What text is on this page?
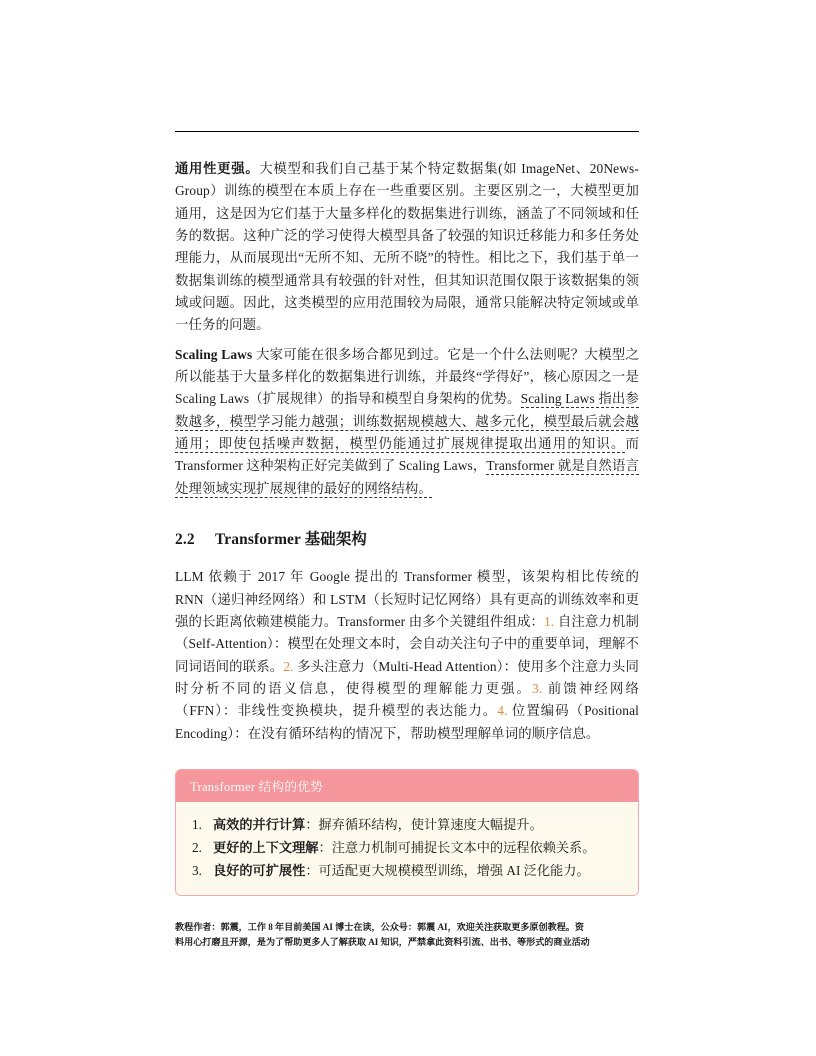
通用性更强。大模型和我们自己基于某个特定数据集(如 ImageNet、20News-Group）训练的模型在本质上存在一些重要区别。主要区别之一，大模型更加通用，这是因为它们基于大量多样化的数据集进行训练，涵盖了不同领域和任务的数据。这种广泛的学习使得大模型具备了较强的知识迁移能力和多任务处理能力，从而展现出“无所不知、无所不晓”的特性。相比之下，我们基于单一数据集训练的模型通常具有较强的针对性，但其知识范围仅限于该数据集的领域或问题。因此，这类模型的应用范围较为局限，通常只能解决特定领域或单一任务的问题。

Scaling Laws 大家可能在很多场合都见到过。它是一个什么法则呢？大模型之所以能基于大量多样化的数据集进行训练，并最终“学得好”，核心原因之一是 Scaling Laws（扩展规律）的指导和模型自身架构的优势。Scaling Laws 指出参数越多，模型学习能力越强；训练数据规模越大、越多元化，模型最后就会越通用；即使包括噪声数据，模型仍能通过扩展规律提取出通用的知识。而 Transformer 这种架构正好完美做到了 Scaling Laws，Transformer 就是自然语言处理领域实现扩展规律的最好的网络结构。

2.2 Transformer 基础架构

LLM 依赖于 2017 年 Google 提出的 Transformer 模型，该架构相比传统的 RNN（递归神经网络）和 LSTM（长短时记忆网络）具有更高的训练效率和更强的长距离依赖建模能力。Transformer 由多个关键组件组成：1. 自注意力机制（Self-Attention）：模型在处理文本时，会自动关注句子中的重要单词，理解不同词语间的联系。2. 多头注意力（Multi-Head Attention）：使用多个注意力头同时分析不同的语义信息，使得模型的理解能力更强。3. 前馈神经网络（FFN）：非线性变换模块，提升模型的表达能力。4. 位置编码（Positional Encoding）：在没有循环结构的情况下，帮助模型理解单词的顺序信息。

Transformer 结构的优势
1. 高效的并行计算：摒弃循环结构，使计算速度大幅提升。
2. 更好的上下文理解：注意力机制可捕捉长文本中的远程依赖关系。
3. 良好的可扩展性：可适配更大规模模型训练，增强 AI 泛化能力。
教程作者：郭震，工作 8 年目前美国 AI 博士在读，公众号：郭震 AI，欢迎关注获取更多原创教程。资
料用心打磨且开源，是为了帮助更多人了解获取 AI 知识，严禁拿此资料引流、出书、等形式的商业活动
